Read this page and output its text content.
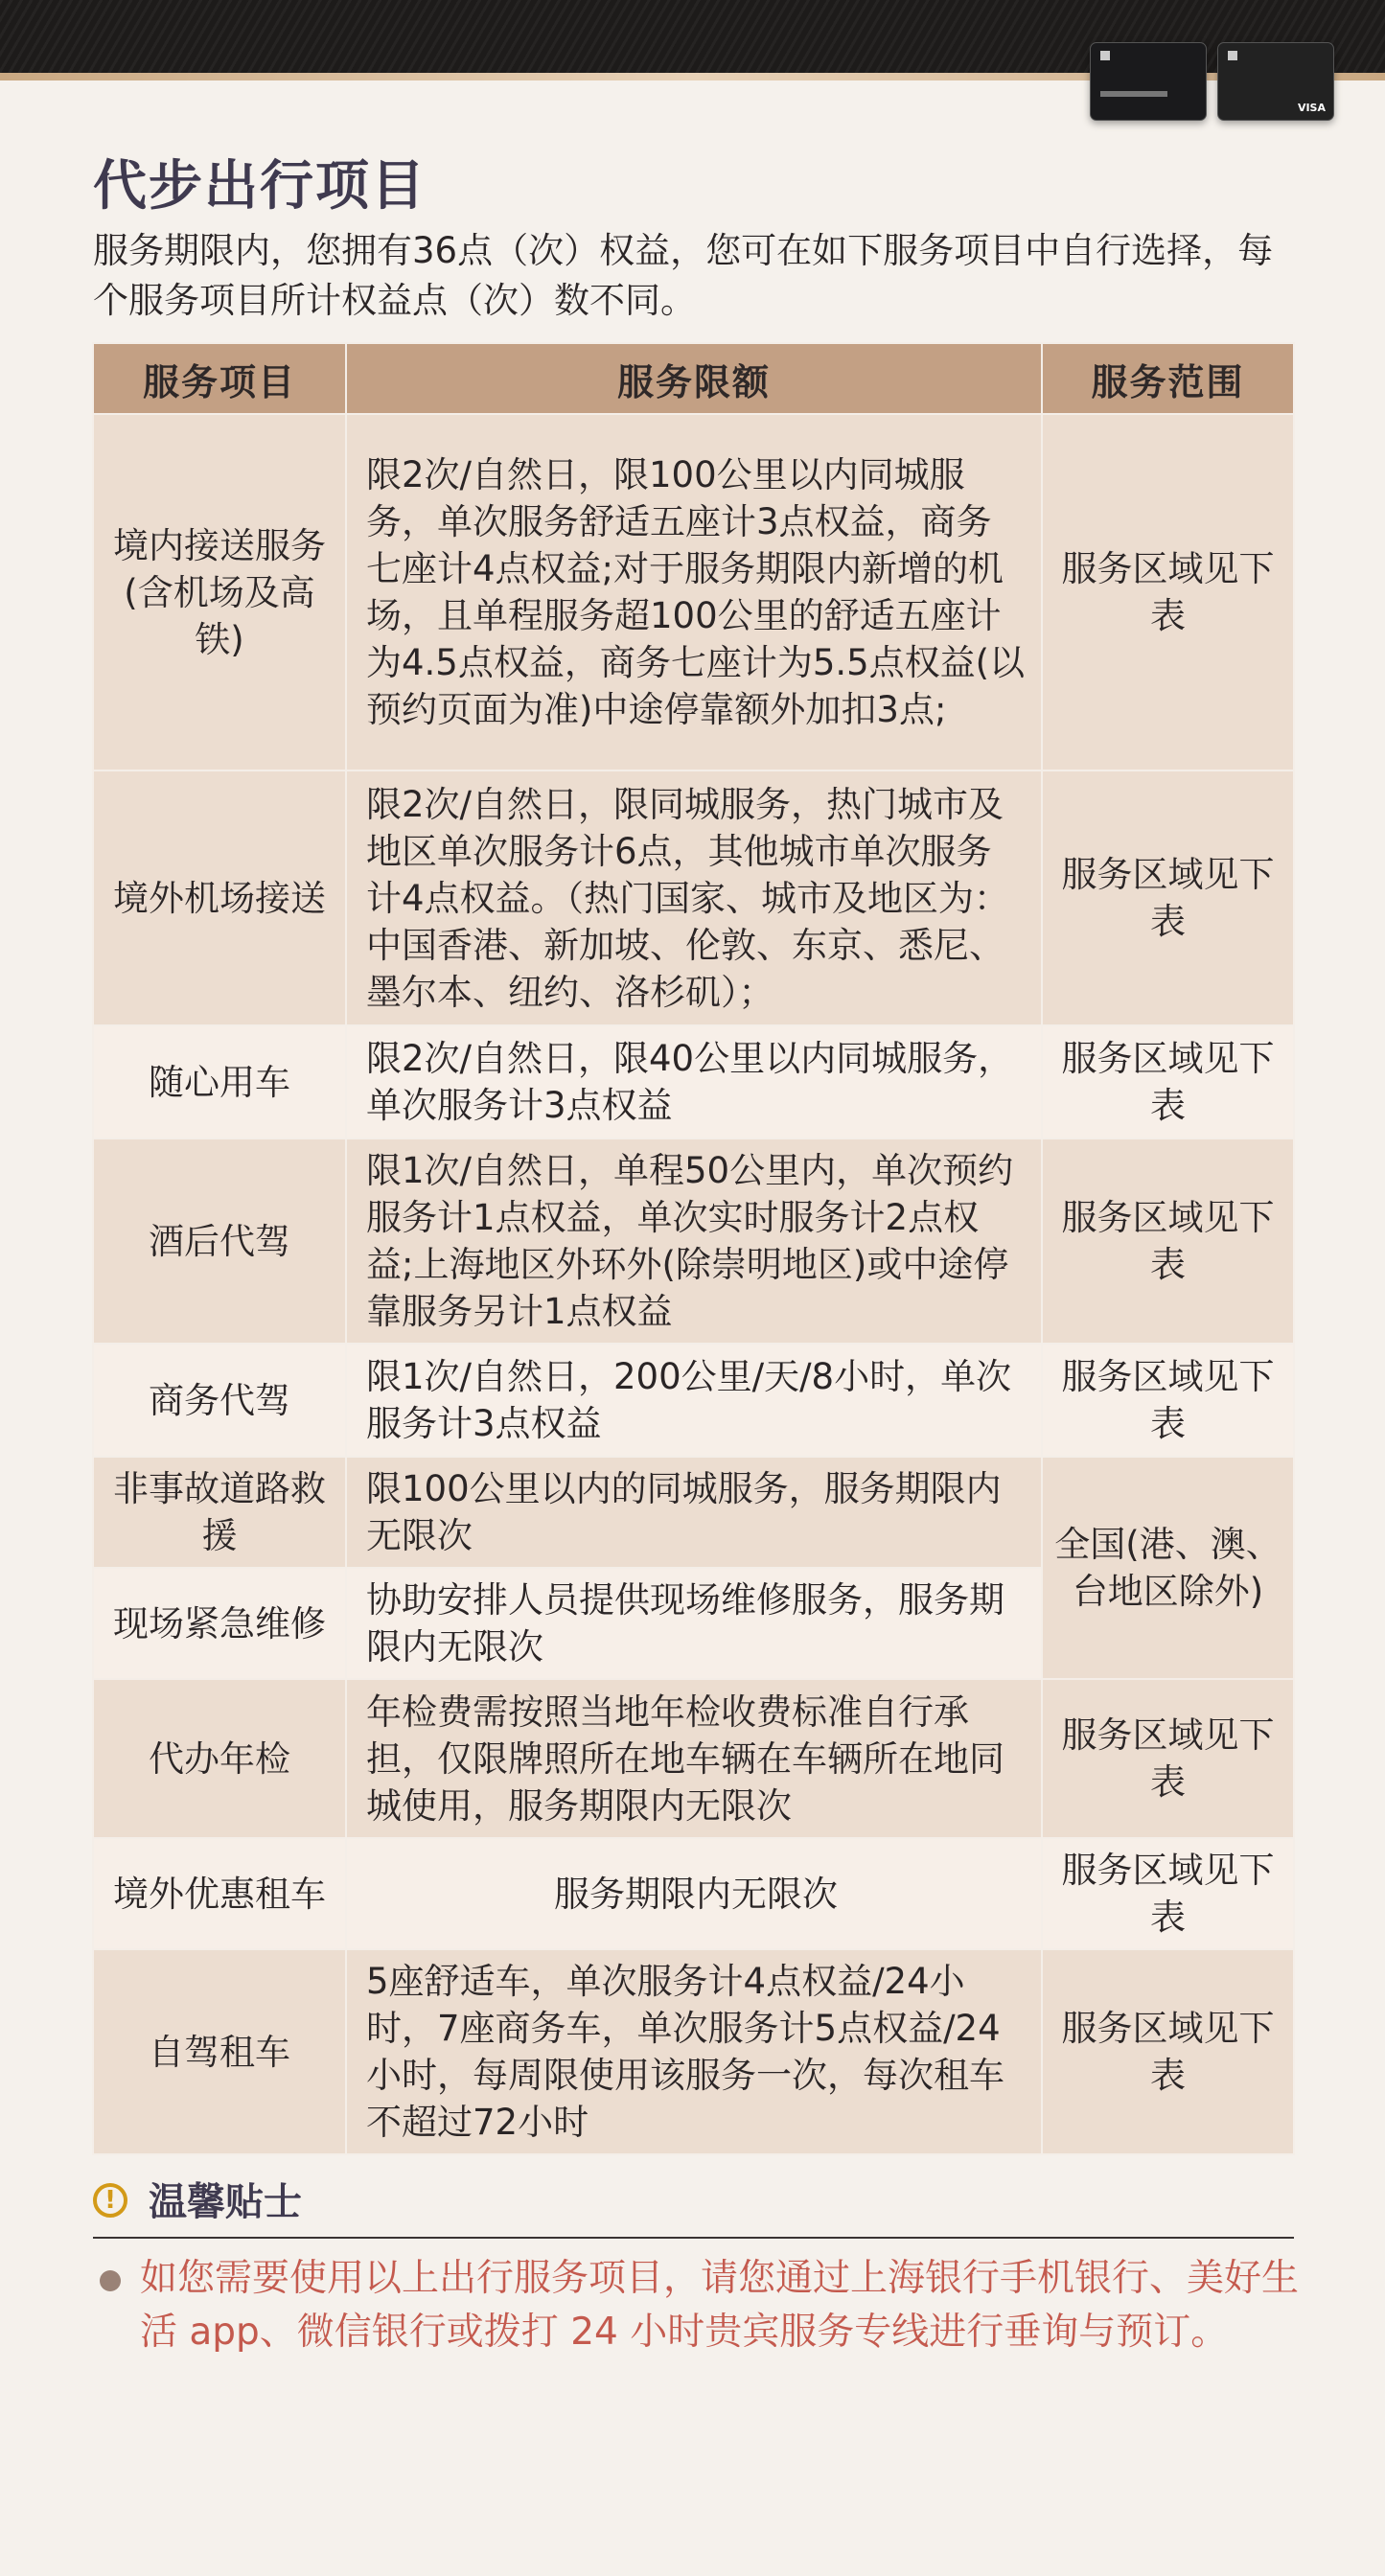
VISA
代步出行项目

服务期限内，您拥有36点（次）权益，您可在如下服务项目中自行选择，每个服务项目所计权益点（次）数不同。

服务项目	服务限额	服务范围
境内接送服务(含机场及高铁)	限2次/自然日，限100公里以内同城服务，单次服务舒适五座计3点权益，商务七座计4点权益;对于服务期限内新增的机场，且单程服务超100公里的舒适五座计为4.5点权益，商务七座计为5.5点权益(以预约页面为准)中途停靠额外加扣3点;	服务区域见下表
境外机场接送	限2次/自然日，限同城服务，热门城市及地区单次服务计6点，其他城市单次服务计4点权益。（热门国家、城市及地区为：中国香港、新加坡、伦敦、东京、悉尼、墨尔本、纽约、洛杉矶）；	服务区域见下表
随心用车	限2次/自然日，限40公里以内同城服务，单次服务计3点权益	服务区域见下表
酒后代驾	限1次/自然日，单程50公里内，单次预约服务计1点权益，单次实时服务计2点权益;上海地区外环外(除崇明地区)或中途停靠服务另计1点权益	服务区域见下表
商务代驾	限1次/自然日，200公里/天/8小时，单次服务计3点权益	服务区域见下表
非事故道路救援	限100公里以内的同城服务，服务期限内无限次	全国(港、澳、台地区除外)
现场紧急维修	协助安排人员提供现场维修服务，服务期限内无限次	
代办年检	年检费需按照当地年检收费标准自行承担，仅限牌照所在地车辆在车辆所在地同城使用，服务期限内无限次	服务区域见下表
境外优惠租车	服务期限内无限次	服务区域见下表
自驾租车	5座舒适车，单次服务计4点权益/24小时，7座商务车，单次服务计5点权益/24小时，每周限使用该服务一次，每次租车不超过72小时	服务区域见下表
! 温馨贴士

如您需要使用以上出行服务项目，请您通过上海银行手机银行、美好生活 app、微信银行或拨打 24 小时贵宾服务专线进行垂询与预订。
